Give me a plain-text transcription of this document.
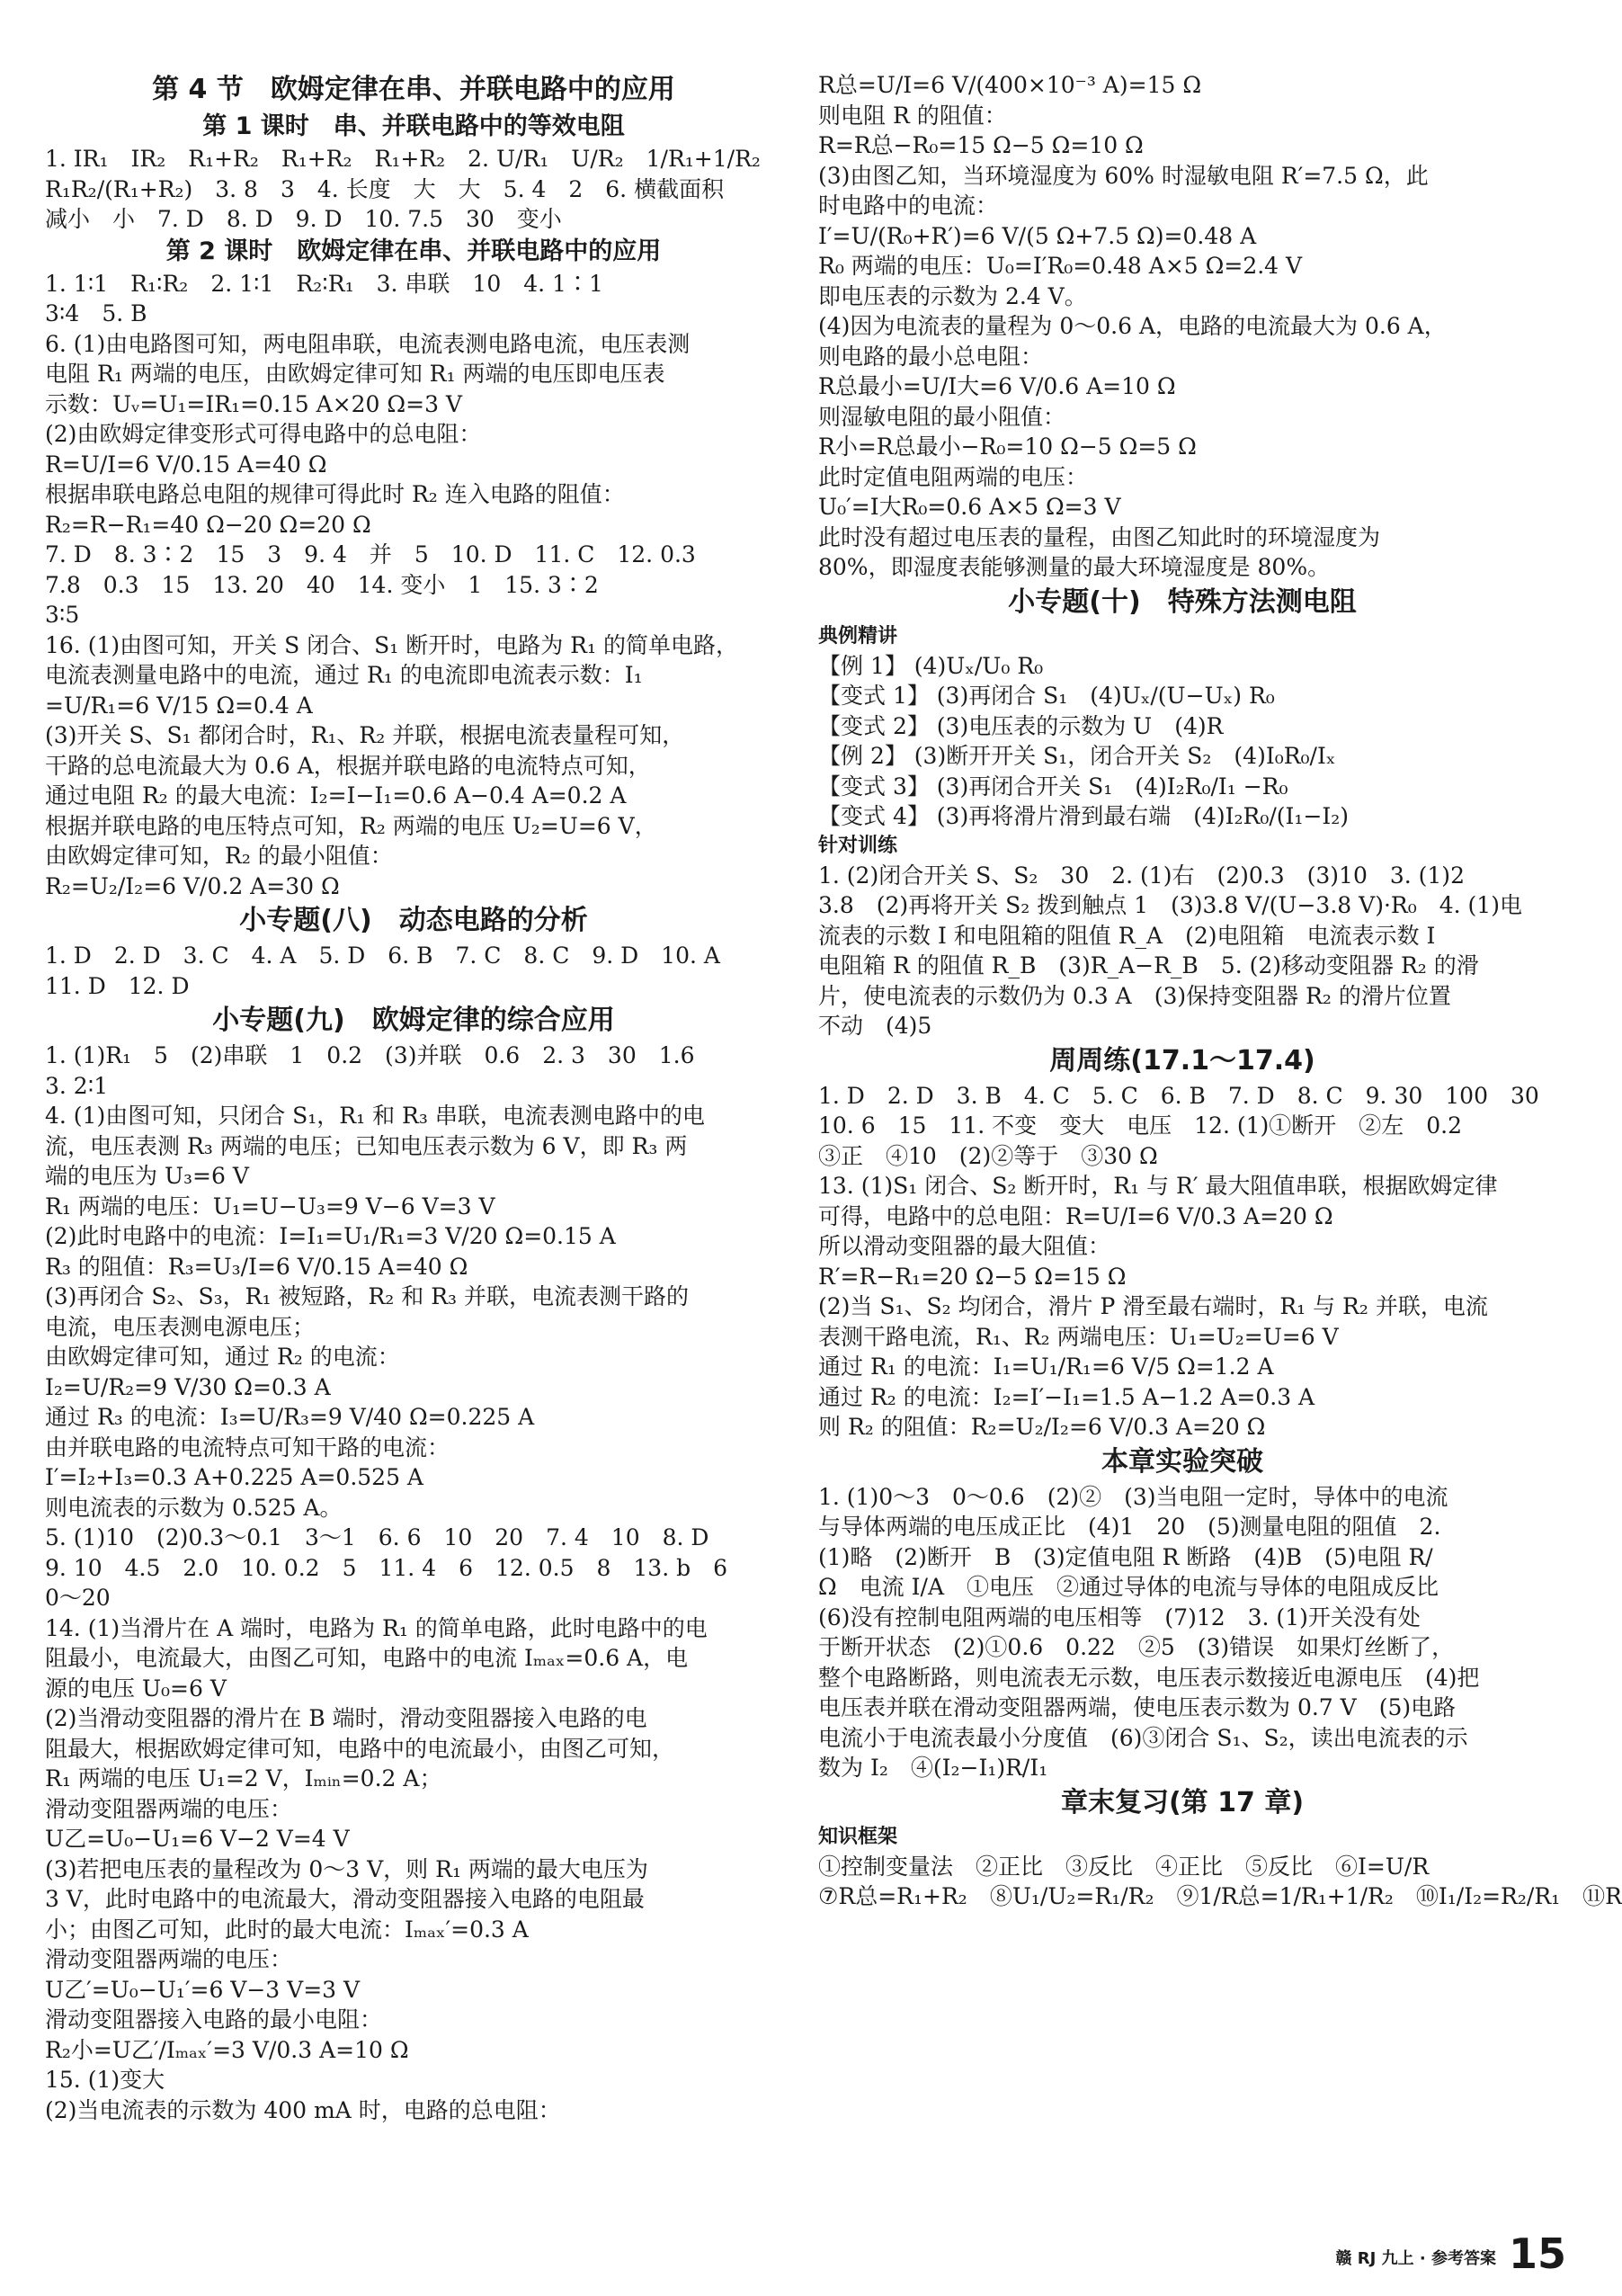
第 4 节　欧姆定律在串、并联电路中的应用
第 1 课时　串、并联电路中的等效电阻
1. IR₁　IR₂　R₁+R₂　R₁+R₂　R₁+R₂　2. U/R₁　U/R₂　1/R₁+1/R₂
R₁R₂/(R₁+R₂)　3. 8　3　4. 长度　大　大　5. 4　2　6. 横截面积
减小　小　7. D　8. D　9. D　10. 7.5　30　变小
第 2 课时　欧姆定律在串、并联电路中的应用
1. 1∶1　R₁∶R₂　2. 1∶1　R₂∶R₁　3. 串联　10　4. 1∶1
3∶4　5. B
6. (1)由电路图可知，两电阻串联，电流表测电路电流，电压表测
电阻 R₁ 两端的电压，由欧姆定律可知 R₁ 两端的电压即电压表
示数：Uᵥ=U₁=IR₁=0.15 A×20 Ω=3 V
(2)由欧姆定律变形式可得电路中的总电阻：
R=U/I=6 V/0.15 A=40 Ω
根据串联电路总电阻的规律可得此时 R₂ 连入电路的阻值：
R₂=R−R₁=40 Ω−20 Ω=20 Ω
7. D　8. 3∶2　15　3　9. 4　并　5　10. D　11. C　12. 0.3
7.8　0.3　15　13. 20　40　14. 变小　1　15. 3∶2
3∶5
16. (1)由图可知，开关 S 闭合、S₁ 断开时，电路为 R₁ 的简单电路，
电流表测量电路中的电流，通过 R₁ 的电流即电流表示数：I₁
=U/R₁=6 V/15 Ω=0.4 A
(3)开关 S、S₁ 都闭合时，R₁、R₂ 并联，根据电流表量程可知，
干路的总电流最大为 0.6 A，根据并联电路的电流特点可知，
通过电阻 R₂ 的最大电流：I₂=I−I₁=0.6 A−0.4 A=0.2 A
根据并联电路的电压特点可知，R₂ 两端的电压 U₂=U=6 V，
由欧姆定律可知，R₂ 的最小阻值：
R₂=U₂/I₂=6 V/0.2 A=30 Ω
小专题(八)　动态电路的分析
1. D　2. D　3. C　4. A　5. D　6. B　7. C　8. C　9. D　10. A
11. D　12. D
小专题(九)　欧姆定律的综合应用
1. (1)R₁　5　(2)串联　1　0.2　(3)并联　0.6　2. 3　30　1.6
3. 2∶1
4. (1)由图可知，只闭合 S₁，R₁ 和 R₃ 串联，电流表测电路中的电
流，电压表测 R₃ 两端的电压；已知电压表示数为 6 V，即 R₃ 两
端的电压为 U₃=6 V
R₁ 两端的电压：U₁=U−U₃=9 V−6 V=3 V
(2)此时电路中的电流：I=I₁=U₁/R₁=3 V/20 Ω=0.15 A
R₃ 的阻值：R₃=U₃/I=6 V/0.15 A=40 Ω
(3)再闭合 S₂、S₃，R₁ 被短路，R₂ 和 R₃ 并联，电流表测干路的
电流，电压表测电源电压；
由欧姆定律可知，通过 R₂ 的电流：
I₂=U/R₂=9 V/30 Ω=0.3 A
通过 R₃ 的电流：I₃=U/R₃=9 V/40 Ω=0.225 A
由并联电路的电流特点可知干路的电流：
I′=I₂+I₃=0.3 A+0.225 A=0.525 A
则电流表的示数为 0.525 A。
5. (1)10　(2)0.3～0.1　3～1　6. 6　10　20　7. 4　10　8. D
9. 10　4.5　2.0　10. 0.2　5　11. 4　6　12. 0.5　8　13. b　6
0～20
14. (1)当滑片在 A 端时，电路为 R₁ 的简单电路，此时电路中的电
阻最小，电流最大，由图乙可知，电路中的电流 Iₘₐₓ=0.6 A，电
源的电压 U₀=6 V
(2)当滑动变阻器的滑片在 B 端时，滑动变阻器接入电路的电
阻最大，根据欧姆定律可知，电路中的电流最小，由图乙可知，
R₁ 两端的电压 U₁=2 V，Iₘᵢₙ=0.2 A；
滑动变阻器两端的电压：
U乙=U₀−U₁=6 V−2 V=4 V
(3)若把电压表的量程改为 0～3 V，则 R₁ 两端的最大电压为
3 V，此时电路中的电流最大，滑动变阻器接入电路的电阻最
小；由图乙可知，此时的最大电流：Iₘₐₓ′=0.3 A
滑动变阻器两端的电压：
U乙′=U₀−U₁′=6 V−3 V=3 V
滑动变阻器接入电路的最小电阻：
R₂小=U乙′/Iₘₐₓ′=3 V/0.3 A=10 Ω
15. (1)变大
(2)当电流表的示数为 400 mA 时，电路的总电阻：
R总=U/I=6 V/(400×10⁻³ A)=15 Ω
则电阻 R 的阻值：
R=R总−R₀=15 Ω−5 Ω=10 Ω
(3)由图乙知，当环境湿度为 60% 时湿敏电阻 R′=7.5 Ω，此
时电路中的电流：
I′=U/(R₀+R′)=6 V/(5 Ω+7.5 Ω)=0.48 A
R₀ 两端的电压：U₀=I′R₀=0.48 A×5 Ω=2.4 V
即电压表的示数为 2.4 V。
(4)因为电流表的量程为 0～0.6 A，电路的电流最大为 0.6 A，
则电路的最小总电阻：
R总最小=U/I大=6 V/0.6 A=10 Ω
则湿敏电阻的最小阻值：
R小=R总最小−R₀=10 Ω−5 Ω=5 Ω
此时定值电阻两端的电压：
U₀′=I大R₀=0.6 A×5 Ω=3 V
此时没有超过电压表的量程，由图乙知此时的环境湿度为
80%，即湿度表能够测量的最大环境湿度是 80%。
小专题(十)　特殊方法测电阻
典例精讲
【例 1】 (4)Uₓ/U₀ R₀
【变式 1】 (3)再闭合 S₁　(4)Uₓ/(U−Uₓ) R₀
【变式 2】 (3)电压表的示数为 U　(4)R
【例 2】 (3)断开开关 S₁，闭合开关 S₂　(4)I₀R₀/Iₓ
【变式 3】 (3)再闭合开关 S₁　(4)I₂R₀/I₁ −R₀
【变式 4】 (3)再将滑片滑到最右端　(4)I₂R₀/(I₁−I₂)
针对训练
1. (2)闭合开关 S、S₂　30　2. (1)右　(2)0.3　(3)10　3. (1)2
3.8　(2)再将开关 S₂ 拨到触点 1　(3)3.8 V/(U−3.8 V)·R₀　4. (1)电
流表的示数 I 和电阻箱的阻值 R_A　(2)电阻箱　电流表示数 I
电阻箱 R 的阻值 R_B　(3)R_A−R_B　5. (2)移动变阻器 R₂ 的滑
片，使电流表的示数仍为 0.3 A　(3)保持变阻器 R₂ 的滑片位置
不动　(4)5
周周练(17.1～17.4)
1. D　2. D　3. B　4. C　5. C　6. B　7. D　8. C　9. 30　100　30
10. 6　15　11. 不变　变大　电压　12. (1)①断开　②左　0.2
③正　④10　(2)②等于　③30 Ω
13. (1)S₁ 闭合、S₂ 断开时，R₁ 与 R′ 最大阻值串联，根据欧姆定律
可得，电路中的总电阻：R=U/I=6 V/0.3 A=20 Ω
所以滑动变阻器的最大阻值：
R′=R−R₁=20 Ω−5 Ω=15 Ω
(2)当 S₁、S₂ 均闭合，滑片 P 滑至最右端时，R₁ 与 R₂ 并联，电流
表测干路电流，R₁、R₂ 两端电压：U₁=U₂=U=6 V
通过 R₁ 的电流：I₁=U₁/R₁=6 V/5 Ω=1.2 A
通过 R₂ 的电流：I₂=I′−I₁=1.5 A−1.2 A=0.3 A
则 R₂ 的阻值：R₂=U₂/I₂=6 V/0.3 A=20 Ω
本章实验突破
1. (1)0～3　0～0.6　(2)②　(3)当电阻一定时，导体中的电流
与导体两端的电压成正比　(4)1　20　(5)测量电阻的阻值　2.
(1)略　(2)断开　B　(3)定值电阻 R 断路　(4)B　(5)电阻 R/
Ω　电流 I/A　①电压　②通过导体的电流与导体的电阻成反比
(6)没有控制电阻两端的电压相等　(7)12　3. (1)开关没有处
于断开状态　(2)①0.6　0.22　②5　(3)错误　如果灯丝断了，
整个电路断路，则电流表无示数，电压表示数接近电源电压　(4)把
电压表并联在滑动变阻器两端，使电压表示数为 0.7 V　(5)电路
电流小于电流表最小分度值　(6)③闭合 S₁、S₂，读出电流表的示
数为 I₂　④(I₂−I₁)R/I₁
章末复习(第 17 章)
知识框架
①控制变量法　②正比　③反比　④正比　⑤反比　⑥I=U/R
⑦R总=R₁+R₂　⑧U₁/U₂=R₁/R₂　⑨1/R总=1/R₁+1/R₂　⑩I₁/I₂=R₂/R₁　⑪R
赣 RJ 九上 · 参考答案 15
